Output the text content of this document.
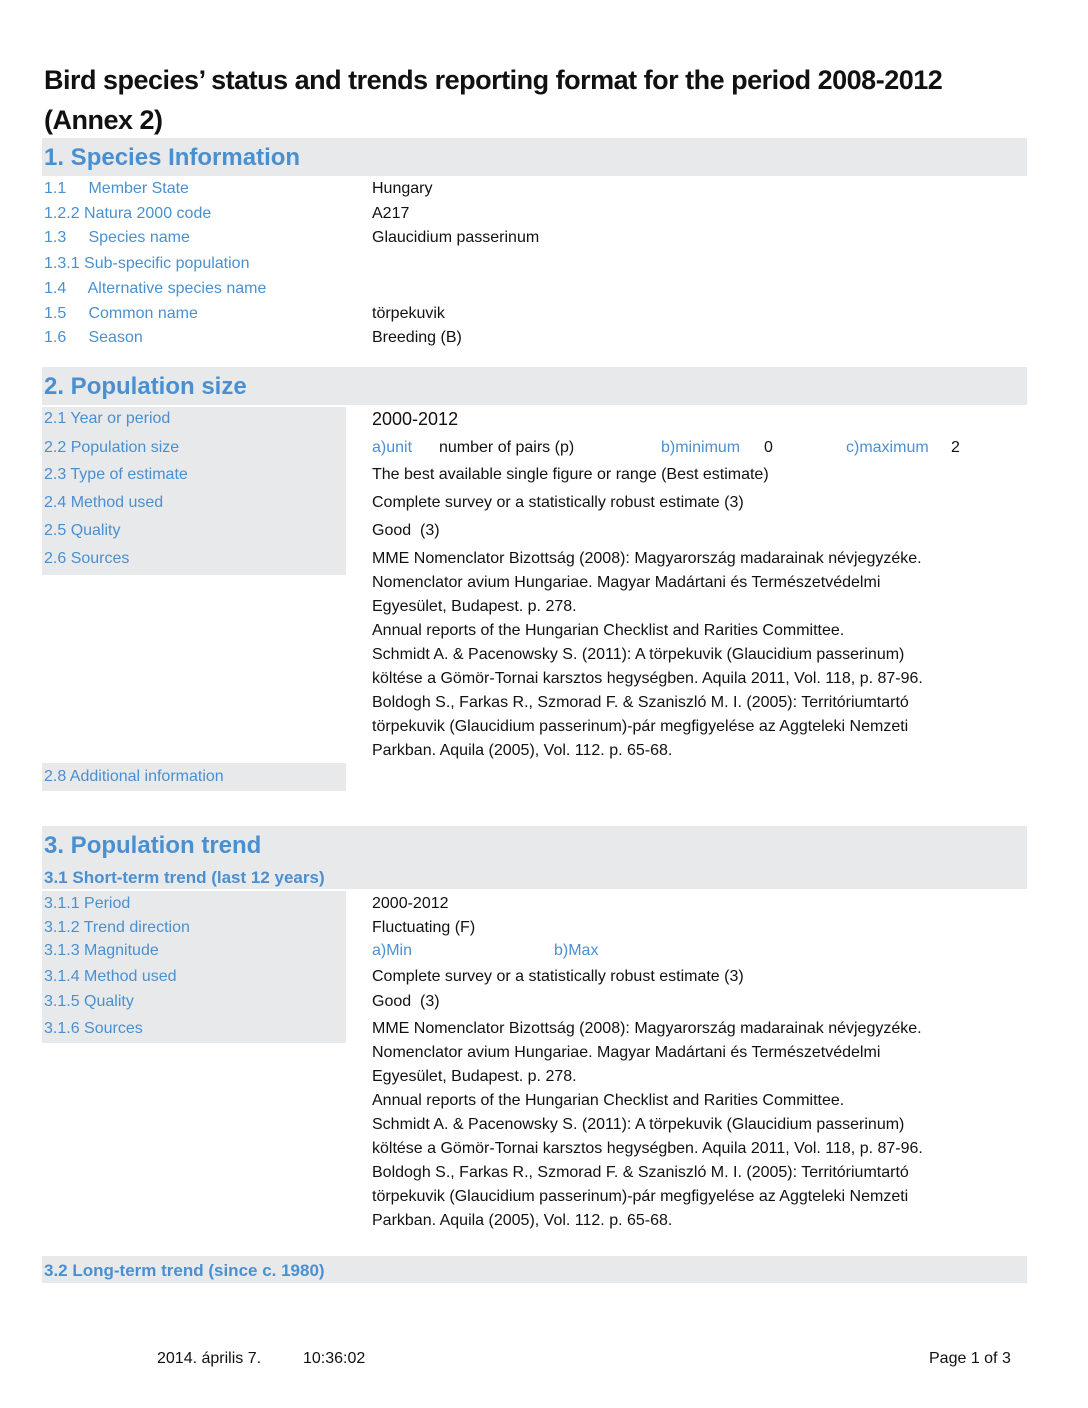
Bird species’ status and trends reporting format for the period 2008-2012
(Annex 2)
1. Species Information
1.1     Member State	Hungary
1.2.2 Natura 2000 code	A217
1.3     Species name	Glaucidium passerinum
1.3.1 Sub-specific population
1.4     Alternative species name
1.5     Common name	törpekuvik
1.6     Season	Breeding (B)
2. Population size
2.1 Year or period	2000-2012
2.2 Population size	a)unit number of pairs (p)	b)minimum 0	c)maximum 2
2.3 Type of estimate	The best available single figure or range (Best estimate)
2.4 Method used	Complete survey or a statistically robust estimate (3)
2.5 Quality	Good  (3)
2.6 Sources	MME Nomenclator Bizottság (2008): Magyarország madarainak névjegyzéke.
Nomenclator avium Hungariae. Magyar Madártani és Természetvédelmi
Egyesület, Budapest. p. 278.
Annual reports of the Hungarian Checklist and Rarities Committee.
Schmidt A. & Pacenowsky S. (2011): A törpekuvik (Glaucidium passerinum)
költése a Gömör-Tornai karsztos hegységben. Aquila 2011, Vol. 118, p. 87-96.
Boldogh S., Farkas R., Szmorad F. & Szaniszló M. I. (2005): Territóriumtartó
törpekuvik (Glaucidium passerinum)-pár megfigyelése az Aggteleki Nemzeti
Parkban. Aquila (2005), Vol. 112. p. 65-68.
2.8 Additional information
3. Population trend
3.1 Short-term trend (last 12 years)
3.1.1 Period	2000-2012
3.1.2 Trend direction	Fluctuating (F)
3.1.3 Magnitude	a)Min	b)Max
3.1.4 Method used	Complete survey or a statistically robust estimate (3)
3.1.5 Quality	Good  (3)
3.1.6 Sources	MME Nomenclator Bizottság (2008): Magyarország madarainak névjegyzéke.
Nomenclator avium Hungariae. Magyar Madártani és Természetvédelmi
Egyesület, Budapest. p. 278.
Annual reports of the Hungarian Checklist and Rarities Committee.
Schmidt A. & Pacenowsky S. (2011): A törpekuvik (Glaucidium passerinum)
költése a Gömör-Tornai karsztos hegységben. Aquila 2011, Vol. 118, p. 87-96.
Boldogh S., Farkas R., Szmorad F. & Szaniszló M. I. (2005): Territóriumtartó
törpekuvik (Glaucidium passerinum)-pár megfigyelése az Aggteleki Nemzeti
Parkban. Aquila (2005), Vol. 112. p. 65-68.
3.2 Long-term trend (since c. 1980)
2014. április 7.	10:36:02	Page 1 of 3
